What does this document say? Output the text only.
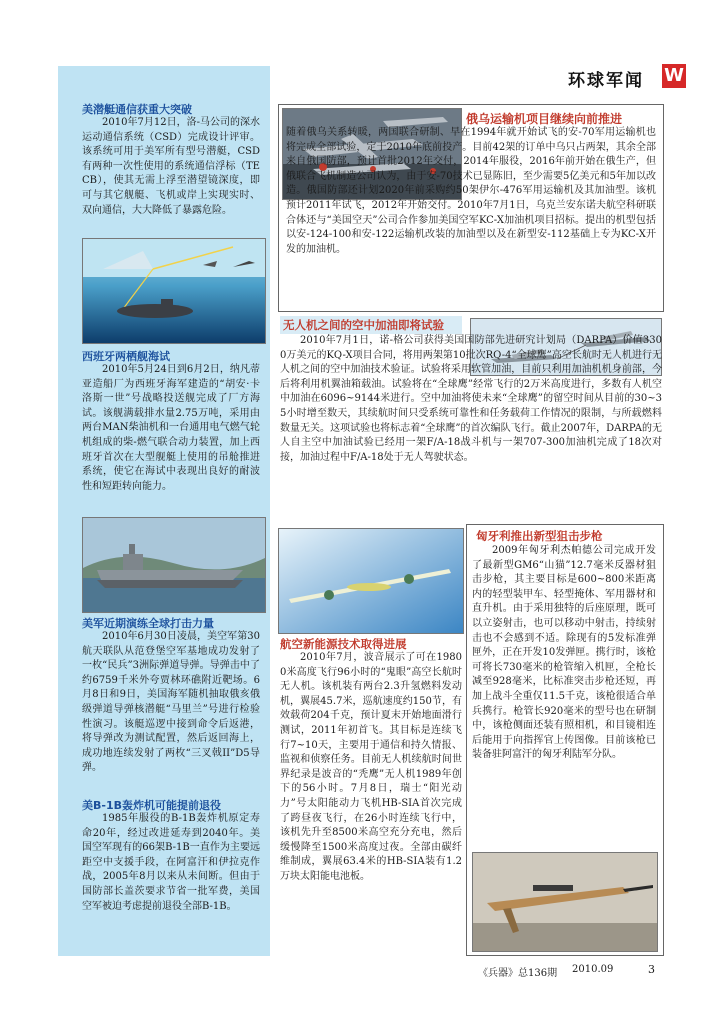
环球军闻 W
美潜艇通信获重大突破
2010年7月12日，洛-马公司的深水运动通信系统（CSD）完成设计评审。该系统可用于美军所有型号潜艇，CSD有两种一次性使用的系统通信浮标（TECB），使其无需上浮至潜望镜深度，即可与其它舰艇、飞机或岸上实现实时、双向通信，大大降低了暴露危险。
西班牙两栖舰海试
2010年5月24日到6月2日，纳凡蒂亚造船厂为西班牙海军建造的“胡安·卡洛斯一世”号战略投送舰完成了厂方海试。该舰满载排水量2.75万吨，采用由两台MAN柴油机和一台通用电气燃气轮机组成的柴-燃气联合动力装置，加上西班牙首次在大型舰艇上使用的吊舱推进系统，使它在海试中表现出良好的耐波性和短距转向能力。
美军近期演练全球打击力量
2010年6月30日凌晨，美空军第30航天联队从范登堡空军基地成功发射了一枚“民兵”3洲际弹道导弹。导弹击中了约6759千米外夸贾林环礁附近靶场。6月8日和9日，美国海军随机抽取俄亥俄级弹道导弹核潜艇“马里兰”号进行检验性演习。该艇巡逻中接到命令后返港，将导弹改为测试配置，然后返回海上，成功地连续发射了两枚“三叉戟II”D5导弹。
美B-1B轰炸机可能提前退役
1985年服役的B-1B轰炸机原定寿命20年，经过改进延寿到2040年。美国空军现有的66架B-1B一直作为主要远距空中支援手段，在阿富汗和伊拉克作战，2005年8月以来从未间断。但由于国防部长盖茨要求节省一批军费，美国空军被迫考虑提前退役全部B-1B。
俄乌运输机项目继续向前推进
随着俄乌关系转暖，两国联合研制、早在1994年就开始试飞的安-70军用运输机也将完成全部试验，定于2010年底前投产。目前42架的订单中乌只占两架，其余全部来自俄国防部，预计首批2012年交付，2014年服役，2016年前开始在俄生产，但俄联合飞机制造公司认为，由于安-70技术已显陈旧，至少需要5亿美元和5年加以改造。俄国防部还计划2020年前采购约50架伊尔-476军用运输机及其加油型。该机预计2011年试飞，2012年开始交付。2010年7月1日，乌克兰安东诺夫航空科研联合体还与“美国空天”公司合作参加美国空军KC-X加油机项目招标。提出的机型包括以安-124-100和安-122运输机改装的加油型以及在新型安-112基础上专为KC-X开发的加油机。
无人机之间的空中加油即将试验
2010年7月1日，诺-格公司获得美国国防部先进研究计划局（DARPA）价值3300万美元的KQ-X项目合同，将用两架第10批次RQ-4“全球鹰”高空长航时无人机进行无人机之间的空中加油技术验证。试验将采用软管加油，目前只利用加油机机身前部，今后将利用机翼油箱载油。试验将在“全球鹰”经常飞行的2万米高度进行，多数有人机空中加油在6096~9144米进行。空中加油将使未来“全球鹰”的留空时间从目前的30~35小时增至数天，其续航时间只受系统可靠性和任务载荷工作情况的限制，与所载燃料数量无关。这项试验也将标志着“全球鹰”的首次编队飞行。截止2007年，DARPA的无人自主空中加油试验已经用一架F/A-18战斗机与一架707-300加油机完成了18次对接，加油过程中F/A-18处于无人驾驶状态。
航空新能源技术取得进展
2010年7月，波音展示了可在19800米高度飞行96小时的“鬼眼”高空长航时无人机。该机装有两台2.3升氢燃料发动机，翼展45.7米，巡航速度约150节，有效载荷204千克，预计夏末开始地面滑行测试，2011年初首飞。其目标是连续飞行7~10天，主要用于通信和持久情报、监视和侦察任务。目前无人机续航时间世界纪录是波音的“秃鹰”无人机1989年创下的56小时。7月8日，瑞士“阳光动力”号太阳能动力飞机HB-SIA首次完成了跨昼夜飞行，在26小时连续飞行中，该机先升至8500米高空充分充电，然后缓慢降至1500米高度过夜。全部由碳纤维制成，翼展63.4米的HB-SIA装有1.2万块太阳能电池板。
匈牙利推出新型狙击步枪
2009年匈牙利杰帕德公司完成开发了最新型GM6“山猫”12.7毫米反器材狙击步枪，其主要目标是600~800米距离内的轻型装甲车、轻型掩体、军用器材和直升机。由于采用独特的后座原理，既可以立姿射击，也可以移动中射击，持续射击也不会感到不适。除现有的5发标准弹匣外，正在开发10发弹匣。携行时，该枪可将长730毫米的枪管缩入机匣，全枪长减至928毫米，比标准突击步枪还短，再加上战斗全重仅11.5千克，该枪很适合单兵携行。枪管长920毫米的型号也在研制中，该枪侧面还装有照相机，和目镜相连后能用于向指挥官上传图像。目前该枪已装备驻阿富汗的匈牙利陆军分队。
《兵器》总136期 2010.09	3
